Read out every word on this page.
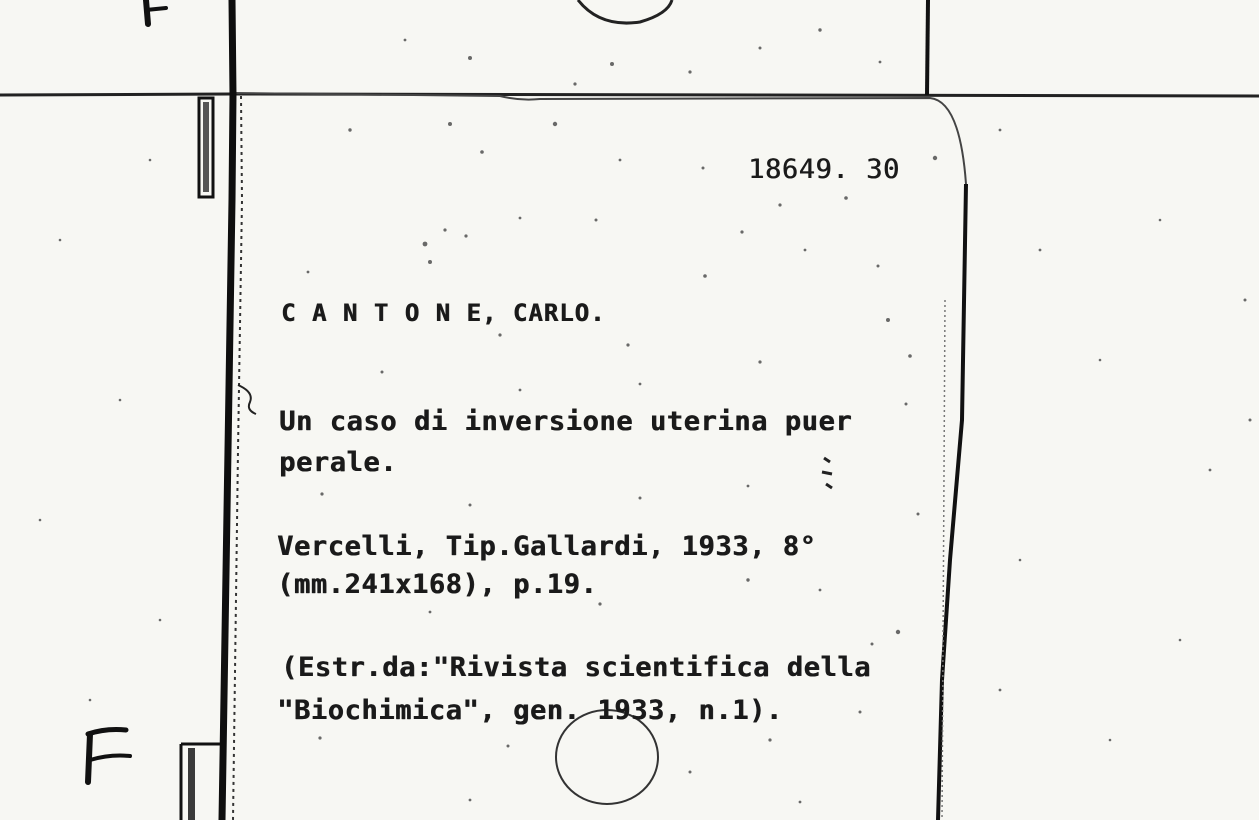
18649. 30

C A N T O N E, CARLO.

Un caso di inversione uterina puer

perale.

Vercelli, Tip.Gallardi, 1933, 8°

(mm.241x168), p.19.

(Estr.da:"Rivista scientifica della

"Biochimica", gen. 1933, n.1).
